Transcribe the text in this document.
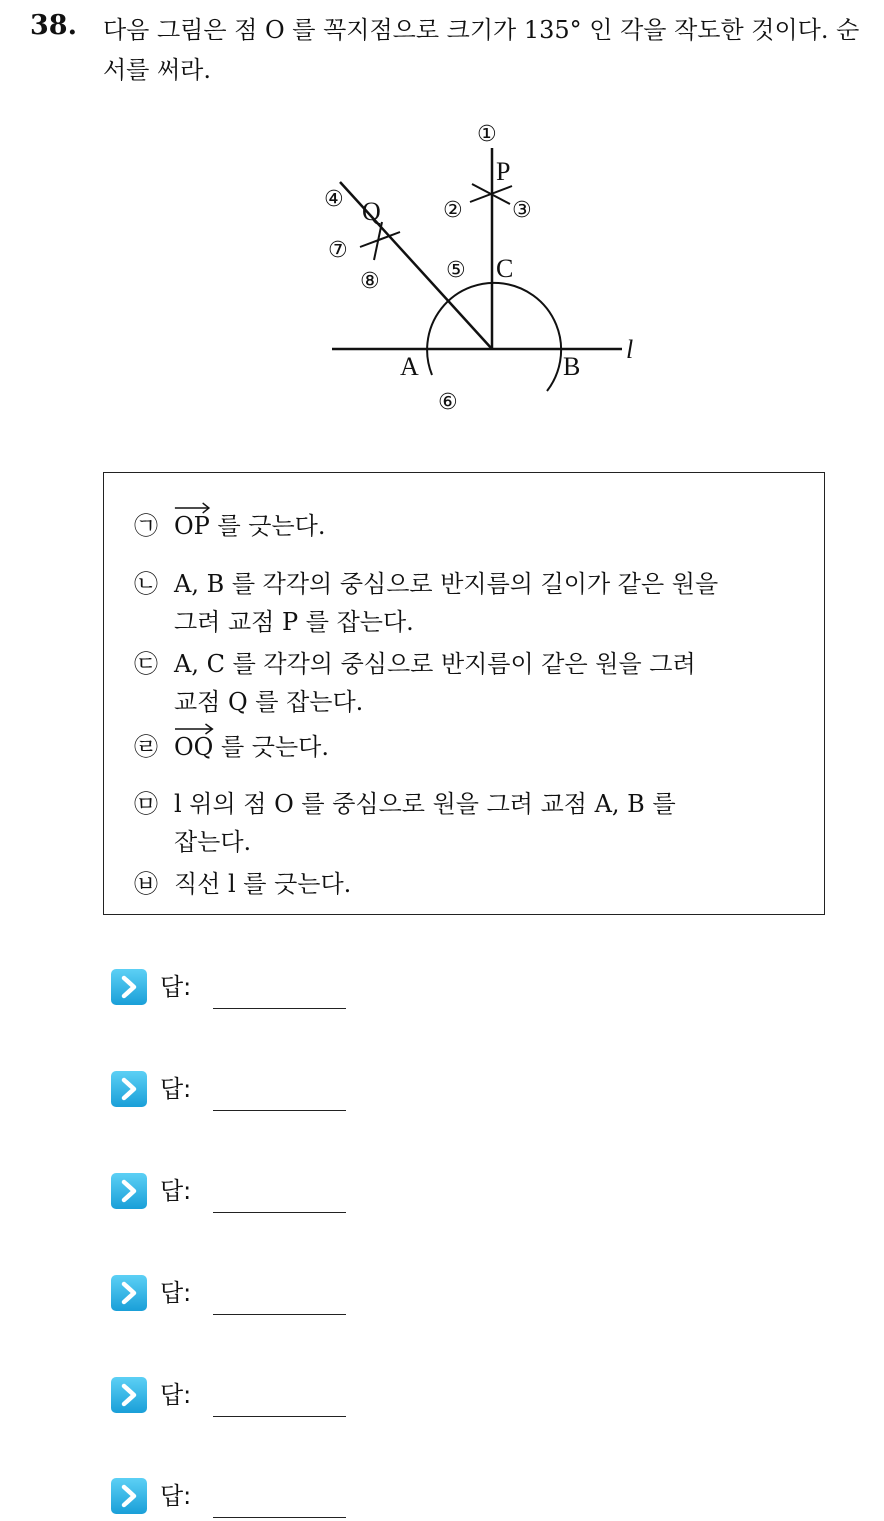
38. 다음 그림은 점 O 를 꼭지점으로 크기가 135° 인 각을 작도한 것이다. 순서를 써라.
P
Q
C
A	B
l
①
② ③
④
⑤
⑥
⑦
⑧
㉠ OP 를 긋는다.
㉡ A, B 를 각각의 중심으로 반지름의 길이가 같은 원을
그려 교점 P 를 잡는다.
㉢ A, C 를 각각의 중심으로 반지름이 같은 원을 그려
교점 Q 를 잡는다.
㉣ OQ 를 긋는다.
㉤ l 위의 점 O 를 중심으로 원을 그려 교점 A, B 를
잡는다.
㉥ 직선 l 를 긋는다.
답:
답:
답:
답:
답:
답:
